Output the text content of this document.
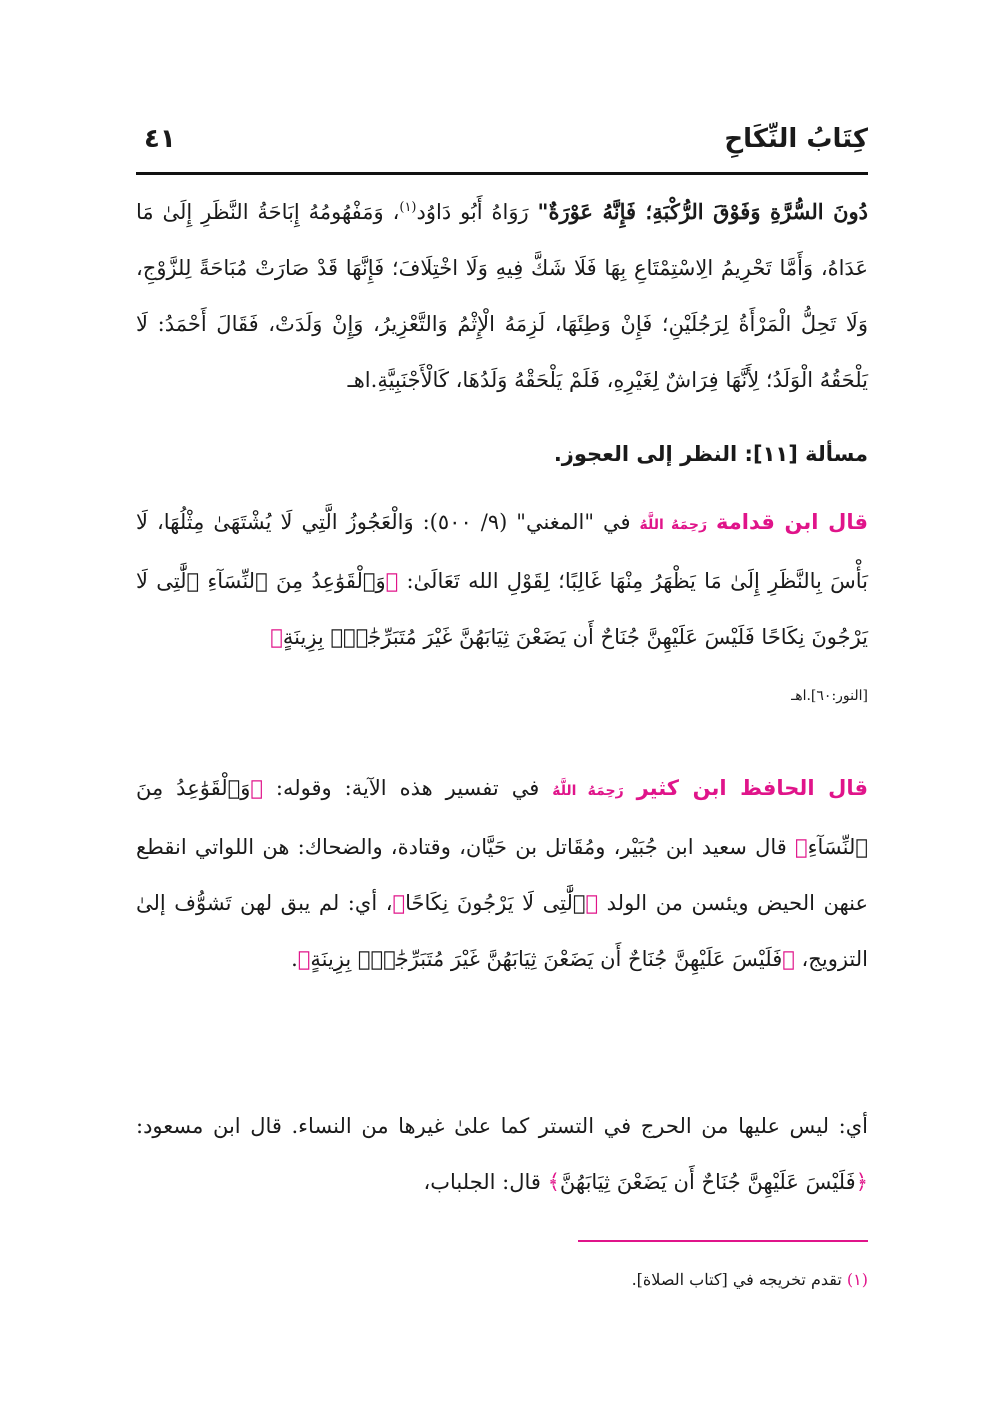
كِتَابُ النِّكَاحِ
٤١
دُونَ السُّرَّةِ وَفَوْقَ الرُّكْبَةِ؛ فَإِنَّهُ عَوْرَةٌ" رَوَاهُ أَبُو دَاوُد$^{(١)}$، وَمَفْهُومُهُ إِبَاحَةُ النَّظَرِ إِلَىٰ مَا عَدَاهُ، وَأَمَّا تَحْرِيمُ الِاسْتِمْتَاعِ بِهَا فَلَا شَكَّ فِيهِ وَلَا اخْتِلَافَ؛ فَإِنَّهَا قَدْ صَارَتْ مُبَاحَةً لِلزَّوْجِ، وَلَا تَحِلُّ الْمَرْأَةُ لِرَجُلَيْنِ؛ فَإِنْ وَطِئَهَا، لَزِمَهُ الْإِثْمُ وَالتَّعْزِيرُ، وَإِنْ وَلَدَتْ، فَقَالَ أَحْمَدُ: لَا يَلْحَقُهُ الْوَلَدُ؛ لِأَنَّهَا فِرَاشٌ لِغَيْرِهِ، فَلَمْ يَلْحَقْهُ وَلَدُهَا، كَالْأَجْنَبِيَّةِ.اهـ
مسألة [١١]: النظر إلى العجوز.
قال ابن قدامة رَحِمَهُ اللَّهُ في "المغني" (٩/ ٥٠٠): وَالْعَجُوزُ الَّتِي لَا يُشْتَهَىٰ مِثْلُهَا، لَا بَأْسَ بِالنَّظَرِ إِلَىٰ مَا يَظْهَرُ مِنْهَا غَالِبًا؛ لِقَوْلِ الله تَعَالَىٰ: ﴿وَٱلْقَوَٰعِدُ مِنَ ٱلنِّسَآءِ ٱلَّٰتِى لَا يَرْجُونَ نِكَاحًا فَلَيْسَ عَلَيْهِنَّ جُنَاحٌ أَن يَضَعْنَ ثِيَابَهُنَّ غَيْرَ مُتَبَرِّجَٰتٍۭ بِزِينَةٍ﴾
[النور:٦٠].اهـ
قال الحافظ ابن كثير رَحِمَهُ اللَّهُ في تفسير هذه الآية: وقوله: ﴿وَٱلْقَوَٰعِدُ مِنَ ٱلنِّسَآءِ﴾ قال سعيد ابن جُبَيْر، ومُقَاتل بن حَيَّان، وقتادة، والضحاك: هن اللواتي انقطع عنهن الحيض ويئسن من الولد ﴿ٱلَّٰتِى لَا يَرْجُونَ نِكَاحًا﴾، أي: لم يبق لهن تَشوُّف إلىٰ التزويج، ﴿فَلَيْسَ عَلَيْهِنَّ جُنَاحٌ أَن يَضَعْنَ ثِيَابَهُنَّ غَيْرَ مُتَبَرِّجَٰتٍۭ بِزِينَةٍ﴾.
أي: ليس عليها من الحرج في التستر كما علىٰ غيرها من النساء. قال ابن مسعود: ﴿فَلَيْسَ عَلَيْهِنَّ جُنَاحٌ أَن يَضَعْنَ ثِيَابَهُنَّ﴾ قال: الجلباب،
(١) تقدم تخريجه في [كتاب الصلاة].
